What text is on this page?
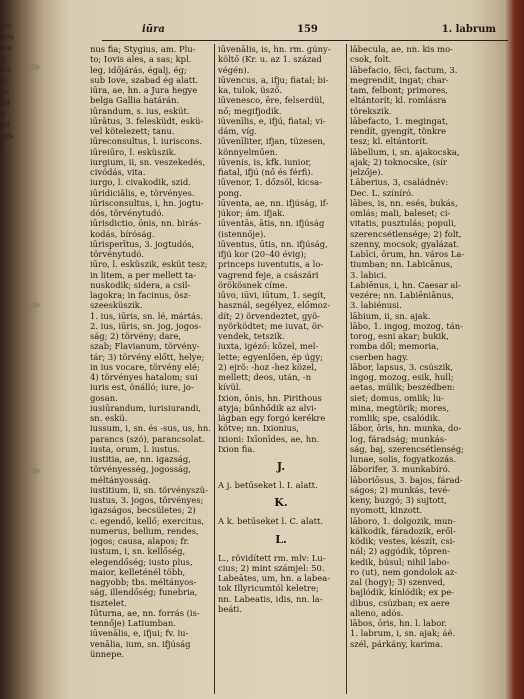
ert
ken
ma
d.
tre
ar
ur
nd
a
ko
gés
-
iūra	159	1. labrum
nus fia; Stygius, am. Plu-
to; Iovis ales, a sas; kpl.
leg, időjárás, égalj, ég;
sub Iove, szabad ég alatt.
iūra, ae, hn. a Jura hegye
belga Gallia határán.
iūrandum, s. ius, esküt.
iūrātus, 3. felesküdt, eskü-
vel kötelezett; tanu.
iūreconsultus, l. iuriscons.
iūreiūro, l. esküszik.
iurgium, ii, sn. veszekedés,
civódás, vita.
iurgo, l. civakodik, szid.
iūridiciālis, e, törvényes.
iūrisconsultus, i, hn. jogtu-
dós, törvénytudó.
iūrisdictio, ōnis, nn. birás-
kodás, bíróság.
iūrisperītus, 3. jogtudós,
törvénytudó.
iūro, l. esküszik, esküt tesz;
in litem, a per mellett ta-
nuskodik; sidera, a csil-
lagokra; in facinus, ösz-
szeesküszik.
1. ius, iūris, sn. lé, mártás.
2. ius, iūris, sn. jog, jogos-
ság; 2) törvény; dare,
szab; Flavianum, törvény-
tár; 3) törvény előtt, helye;
in ius vocare, törvény elé;
4) törvényes hatalom; sui
iuris est, önálló; iure, jo-
gosan.
iusiūrandum, iurisiurandi,
sn. eskü.
iussum, i, sn. és -sus, us, hn.
parancs (szó), parancsolat.
iusta, orum, l. iustus.
iustitia, ae, nn. igazság,
törvényesség, jogosság,
méltányosság.
iustitium, ii, sn. törvényszü-
iustus, 3. jogos, törvényes;
igazságos, becsületes; 2)
c. egendő, kellő; exercitus,
numerus, bellum, rendes,
jogos; causa, alapos; fr.
iustum, i, sn. kellőség,
elegendőség; iusto plus,
maior, kelleténél több,
nagyobb; tbs. méltányos-
ság, illendőség; funebria,
tisztelet.
Iūturna, ae, nn. forrás (is-
tennője) Latiumban.
iūvenālis, e, ifjui; fv. iu-
venālia, ium, sn. ifjúság
ünnepe.
iūvenālis, is, hn. rm. gúny-
költő (Kr. u. az 1. század
végén).
iūvencus, a, ifju; fiatal; bi-
ka, tulok, üsző.
iūvenesco, ēre, felserdül,
nő; megifjodik.
iūvenīlis, e, ifjú, fiatal; vi-
dám, víg.
iūvenīliter, ifjan, tüzesen,
könnyelműen.
iūvenis, is, kfk. iunior,
fiatal, ifjú (nő és férfi).
iūvenor, 1. dőzsöl, kicsa-
pong.
iūventa, ae, nn. ifjúság, if-
júkor; ám. ifjak.
iūventās, ātis, nn. ifjúság
(istennője).
iūventus, ūtis, nn. ifjúság,
ifjú kor (20–40 évig);
princeps iuventutis, a lo-
vagrend feje, a császári
örökösnek címe.
iūvo, iūvi, iūtum, 1. segít,
használ, segélyez, előmoz-
dít; 2) örvendeztet, gyö-
nyörködtet; me iuvat, ör-
vendek, tetszik.
iuxta, igéző: közel, mel-
lette; egyenlően, ép úgy;
2) ejrö: -hoz -hez közel,
mellett; deos, után, -n
kívül.
Ixion, ōnis, hn. Pirithous
atyja; bűnhődik az alvi-
lágban egy forgó kerékre
kötve; nn. Ixionius,
ixioni: Ixīonīdes, ae, hn.
Ixion fia.
J.
A j. betűseket l. I. alatt.
K.
A k. betűseket l. C. alatt.
L.
L., rövidített rm. mlv: Lu-
cius; 2) mint számjel: 50.
Labeātes, um, hn. a labea-
tok Illyricumtól keletre;
nn. Labeatis, idis, nn. la-
beáti.
lābecula, ae, nn. kis mo-
csok, folt.
lābefacio, fēci, factum, 3.
megrendít, ingat; char-
tam, felbont; primores,
eltántorít; kl. romlásra
törekszik.
lābefacto, 1. megingat,
rendít, gyengít, tönkre
tesz; kl. eltántorít.
lābellum, i, sn. ajakocska,
ajak; 2) toknocske, (sír
jelzője).
Lāberius, 3, családnév:
Dec. L. színíró.
lābes, is, nn. esés, bukás,
omlás; mali, baleset; ci-
vitatis, pusztulás; populi,
szerencsétlensége; 2) folt,
szenny, mocsok; gyalázat.
Labīci, ōrum, hn. város La-
tiumban; nn. Labicānus,
3. labici.
Labiēnus, i, hn. Caesar al-
vezére; nn. Labiēniānus,
3. labiénusi.
lābium, ii, sn. ajak.
lābo, 1. ingog, mozog, tán-
torog, esni akar; bukik,
romba dől; memoria,
cserben hagy.
lābor, lapsus, 3. csúszik,
ingog, mozog, esik, hull;
aetas, múlik; beszédben:
siet; domus, omlik; lu-
mina, megtörik; mores,
romlik; spe, csalódik.
lābor, ōris, hn. munka, do-
log, fáradság; munkás-
ság, baj, szerencsétlenség;
lunae, solis, fogyatkozás.
lāborifer, 3. munkabíró.
lāboriōsus, 3. bajos, fárad-
ságos; 2) munkás, tevé-
keny, buzgó; 3) sujtott,
nyomott, kinzott.
lāboro, 1. dolgozik, mun-
kálkodik, fáradozik, eről-
ködik; vestes, készít, csi-
nál; 2) aggódik, töpren-
kedik, búsul; nihil labo-
ro (ut), nem gondolok az-
zal (hogy); 3) szenved,
bajlódik, kínlódik; ex pe-
dibus, csúzban; ex aere
alieno, adós.
lābos, ōris, hn. l. labor.
1. labrum, i, sn. ajak; áé.
szél, párkány, karima.
